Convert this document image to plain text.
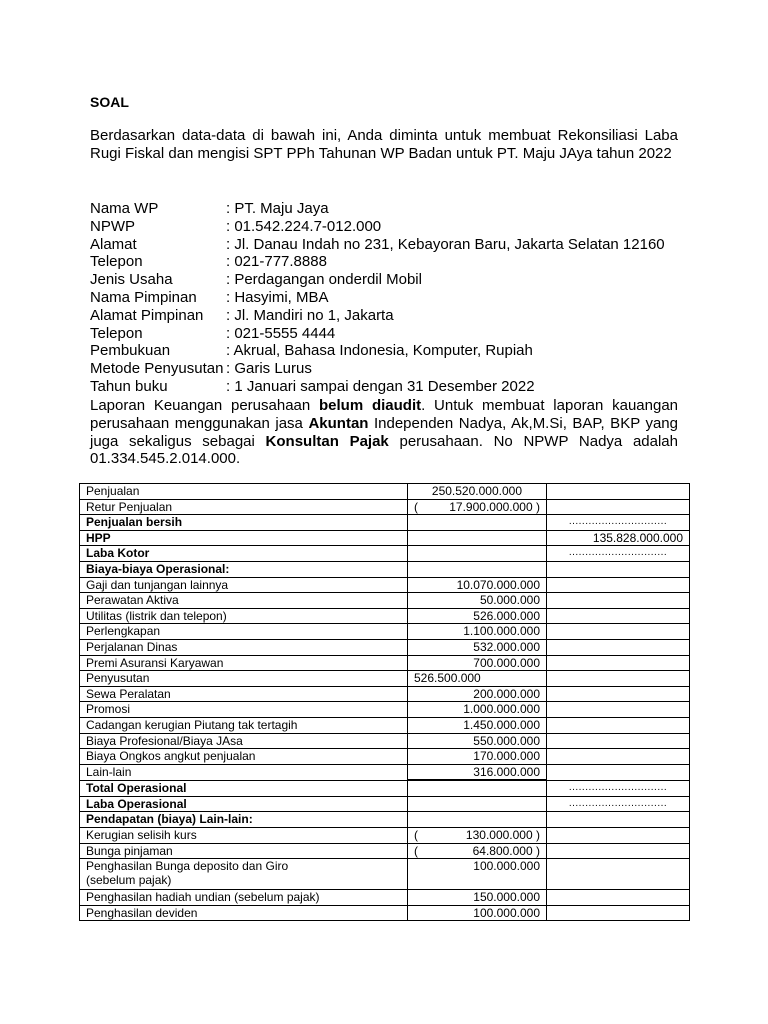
SOAL

Berdasarkan data-data di bawah ini, Anda diminta untuk membuat Rekonsiliasi Laba Rugi Fiskal dan mengisi SPT PPh Tahunan WP Badan untuk PT. Maju JAya tahun 2022

Nama WP	: PT. Maju Jaya
NPWP	: 01.542.224.7-012.000
Alamat	: Jl. Danau Indah no 231, Kebayoran Baru, Jakarta Selatan 12160
Telepon	: 021-777.8888
Jenis Usaha	: Perdagangan onderdil Mobil
Nama Pimpinan	: Hasyimi, MBA
Alamat Pimpinan	: Jl. Mandiri no 1, Jakarta
Telepon	: 021-5555 4444
Pembukuan	: Akrual, Bahasa Indonesia, Komputer, Rupiah
Metode Penyusutan : Garis Lurus
Tahun buku	: 1 Januari sampai dengan 31 Desember 2022

Laporan Keuangan perusahaan belum diaudit. Untuk membuat laporan kauangan perusahaan menggunakan jasa Akuntan Independen Nadya, Ak,M.Si, BAP, BKP yang juga sekaligus sebagai Konsultan Pajak perusahaan. No NPWP Nadya adalah 01.334.545.2.014.000.

Penjualan	250.520.000.000	
Retur Penjualan	( 17.900.000.000 )	

Penjualan bersih		..............................
HPP		135.828.000.000
Laba Kotor		..............................
Biaya-biaya Operasional:		
Gaji dan tunjangan lainnya	10.070.000.000	
Perawatan Aktiva	50.000.000	
Utilitas (listrik dan telepon)	526.000.000	
Perlengkapan	1.100.000.000	
Perjalanan Dinas	532.000.000	
Premi Asuransi Karyawan	700.000.000	
Penyusutan	526.500.000	
Sewa Peralatan	200.000.000	
Promosi	1.000.000.000	
Cadangan kerugian Piutang tak tertagih	1.450.000.000	
Biaya Profesional/Biaya JAsa	550.000.000	
Biaya Ongkos angkut penjualan	170.000.000	
Lain-lain	316.000.000	
Total Operasional		..............................
Laba Operasional		..............................
Pendapatan (biaya) Lain-lain:		
Kerugian selisih kurs	( 130.000.000 )	

Bunga pinjaman	( 64.800.000 )	

Penghasilan Bunga deposito dan Giro (sebelum pajak)	100.000.000	
Penghasilan hadiah undian (sebelum pajak)	150.000.000	
Penghasilan deviden	100.000.000	
